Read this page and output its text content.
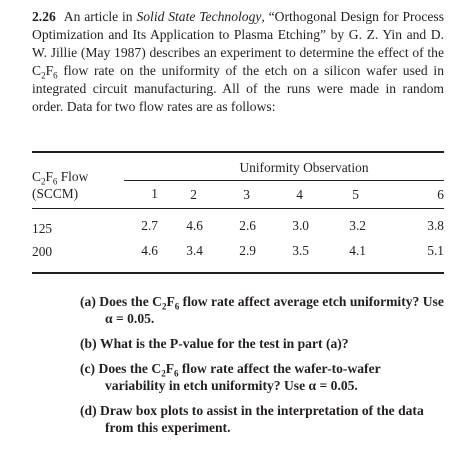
2.26 An article in Solid State Technology, “Orthogonal Design for Process Optimization and Its Application to Plasma Etching” by G. Z. Yin and D. W. Jillie (May 1987) describes an experiment to determine the effect of the $C_2F_6$ flow rate on the uniformity of the etch on a silicon wafer used in integrated circuit manufacturing. All of the runs were made in random order. Data for two flow rates are as follows:
$C_2F_6$ Flow
(SCCM)	Uniformity Observation					
	1	2	3	4	5	6

125	2.7	4.6	2.6	3.0	3.2	3.8
200	4.6	3.4	2.9	3.5	4.1	5.1
(a) Does the $C_2F_6$ flow rate affect average etch uniformity? Use α = 0.05.
(b) What is the P-value for the test in part (a)?
(c) Does the $C_2F_6$ flow rate affect the wafer-to-wafer variability in etch uniformity? Use α = 0.05.
(d) Draw box plots to assist in the interpretation of the data from this experiment.
